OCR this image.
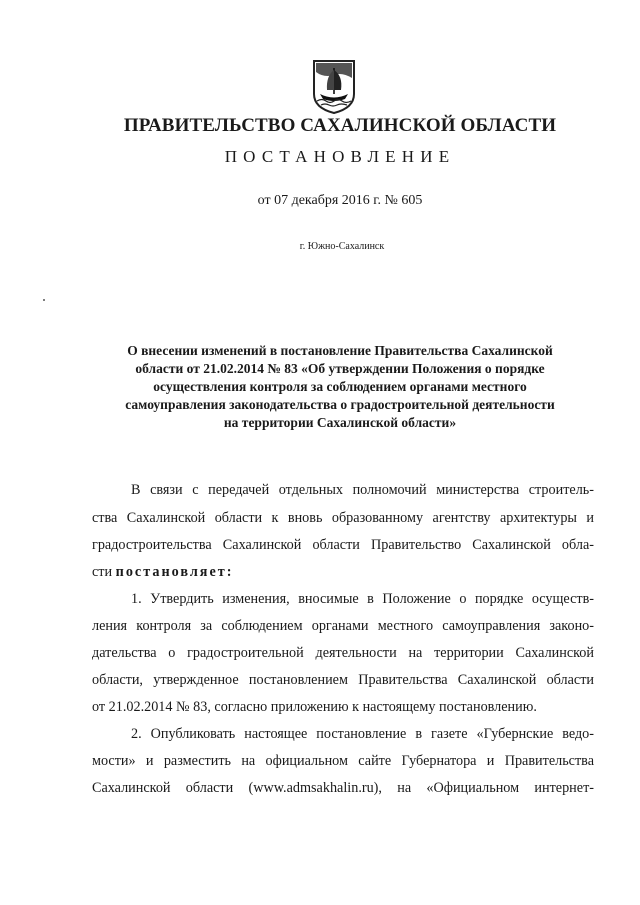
ПРАВИТЕЛЬСТВО САХАЛИНСКОЙ ОБЛАСТИ
ПОСТАНОВЛЕНИЕ
от 07 декабря 2016 г. № 605
г. Южно-Сахалинск
О внесении изменений в постановление Правительства Сахалинской
области от 21.02.2014 № 83 «Об утверждении Положения о порядке
осуществления контроля за соблюдением органами местного
самоуправления законодательства о градостроительной деятельности
на территории Сахалинской области»
В связи с передачей отдельных полномочий министерства строитель-
ства Сахалинской области к вновь образованному агентству архитектуры и
градостроительства Сахалинской области Правительство Сахалинской обла-
сти постановляет:
1. Утвердить изменения, вносимые в Положение о порядке осуществ-
ления контроля за соблюдением органами местного самоуправления законо-
дательства о градостроительной деятельности на территории Сахалинской
области, утвержденное постановлением Правительства Сахалинской области
от 21.02.2014 № 83, согласно приложению к настоящему постановлению.
2. Опубликовать настоящее постановление в газете «Губернские ведо-
мости» и разместить на официальном сайте Губернатора и Правительства
Сахалинской области (www.admsakhalin.ru), на «Официальном интернет-
